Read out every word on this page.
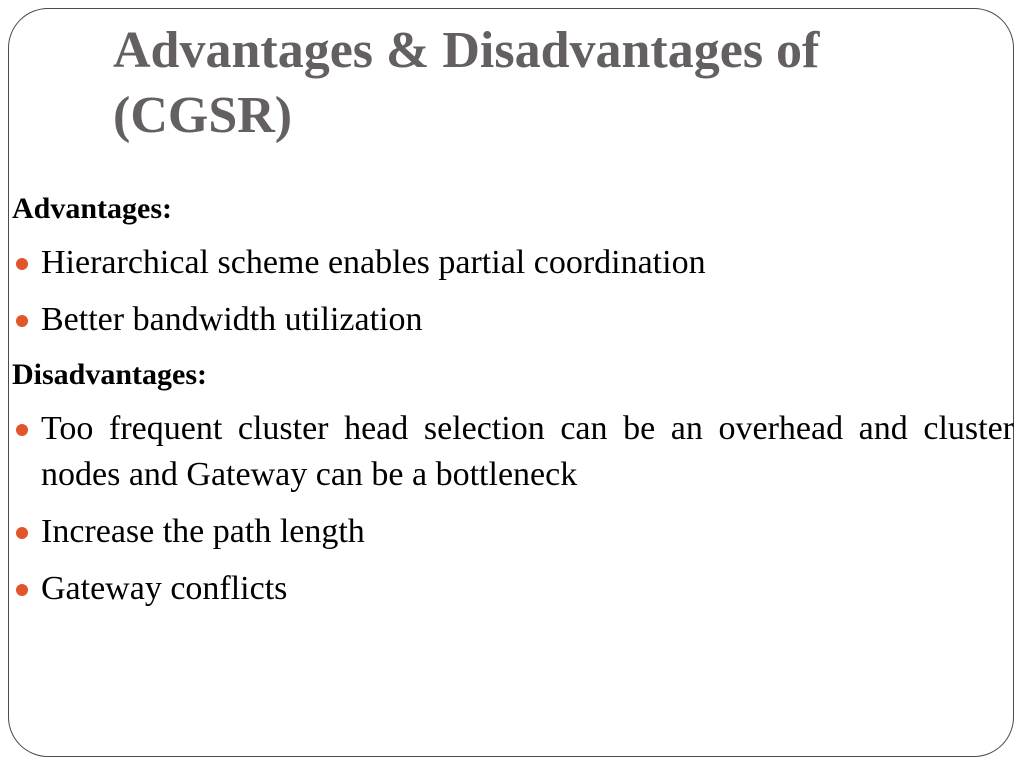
Advantages & Disadvantages of (CGSR)
Advantages:
Hierarchical scheme enables partial coordination
Better bandwidth utilization
Disadvantages:
Too frequent cluster head selection can be an overhead and cluster nodes and Gateway can be a bottleneck
Increase the path length
Gateway conflicts
